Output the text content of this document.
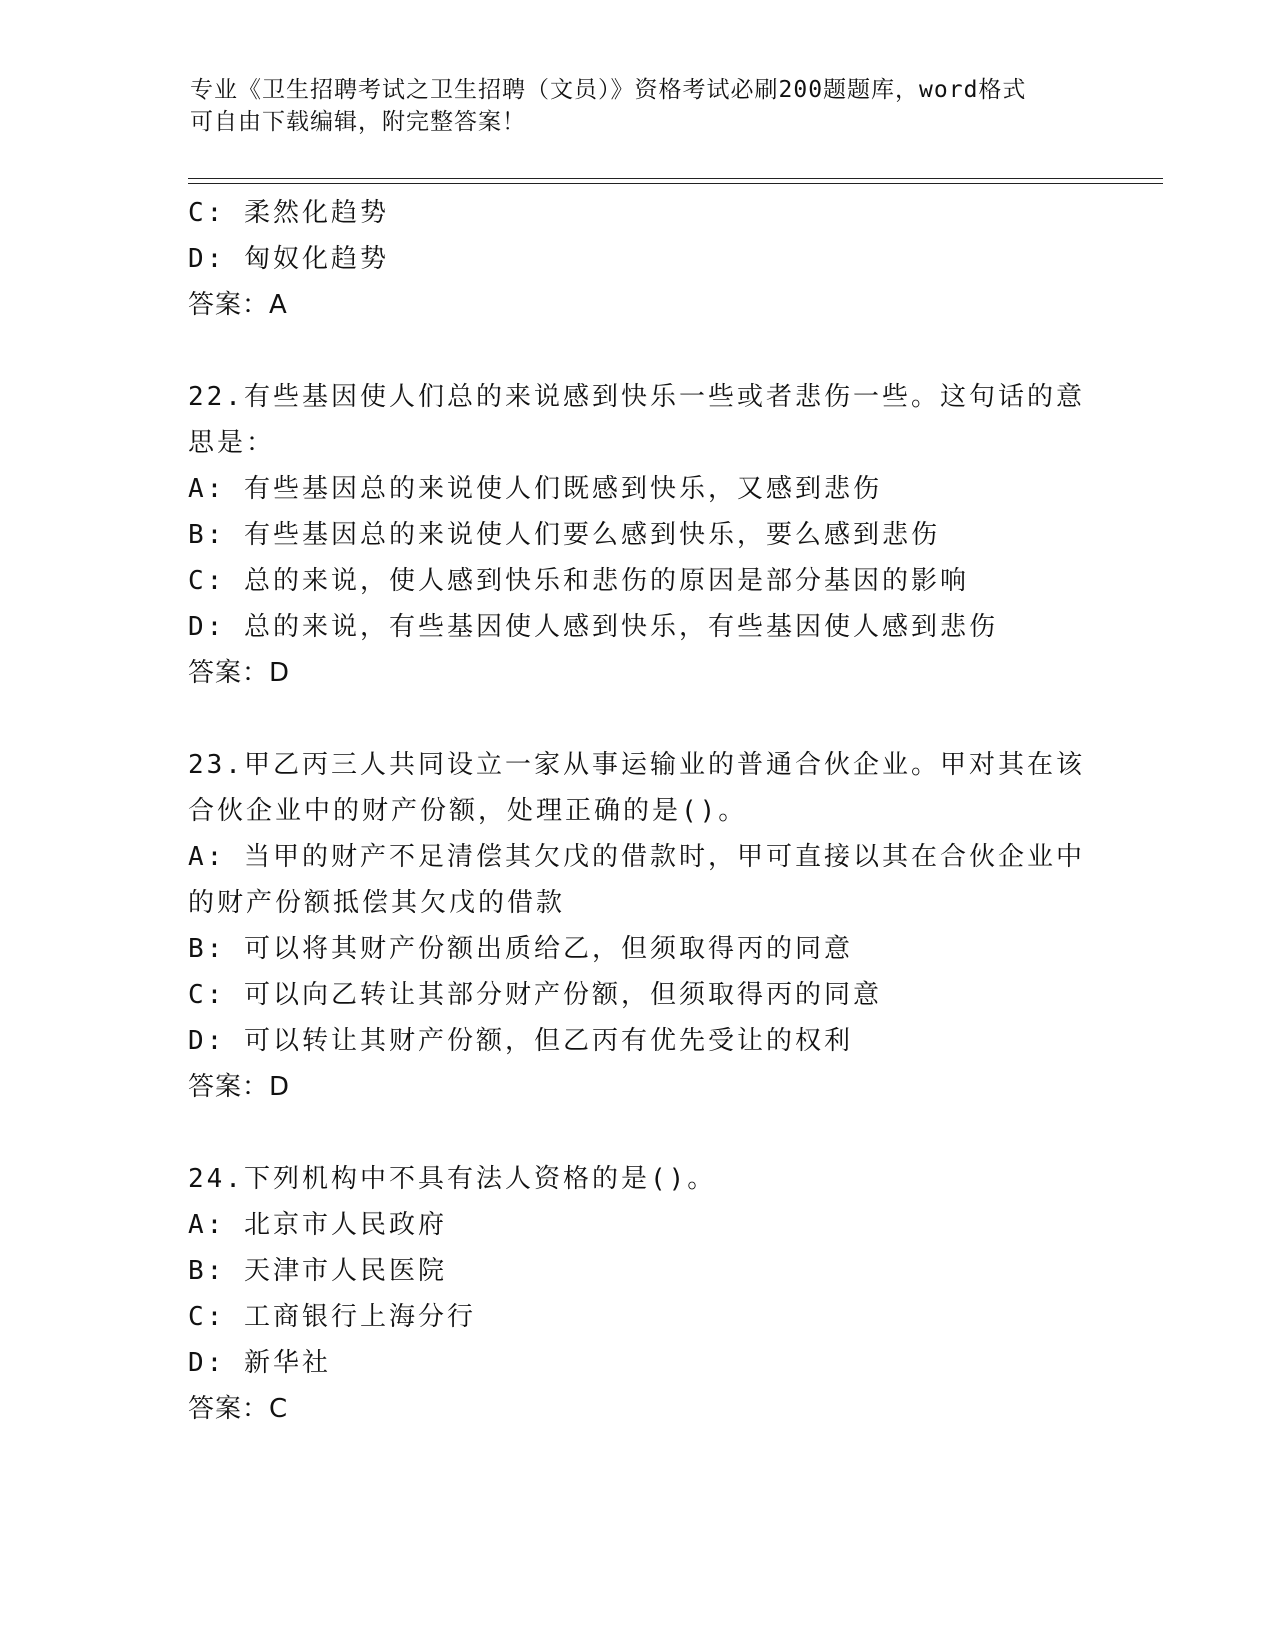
专业《卫生招聘考试之卫生招聘（文员）》资格考试必刷200题题库，word格式
可自由下载编辑，附完整答案！
C: 柔然化趋势
D: 匈奴化趋势
答案：A
22.有些基因使人们总的来说感到快乐一些或者悲伤一些。这句话的意
思是：
A: 有些基因总的来说使人们既感到快乐，又感到悲伤
B: 有些基因总的来说使人们要么感到快乐，要么感到悲伤
C: 总的来说，使人感到快乐和悲伤的原因是部分基因的影响
D: 总的来说，有些基因使人感到快乐，有些基因使人感到悲伤
答案：D
23.甲乙丙三人共同设立一家从事运输业的普通合伙企业。甲对其在该
合伙企业中的财产份额，处理正确的是()。
A: 当甲的财产不足清偿其欠戊的借款时，甲可直接以其在合伙企业中
的财产份额抵偿其欠戊的借款
B: 可以将其财产份额出质给乙，但须取得丙的同意
C: 可以向乙转让其部分财产份额，但须取得丙的同意
D: 可以转让其财产份额，但乙丙有优先受让的权利
答案：D
24.下列机构中不具有法人资格的是()。
A: 北京市人民政府
B: 天津市人民医院
C: 工商银行上海分行
D: 新华社
答案：C
